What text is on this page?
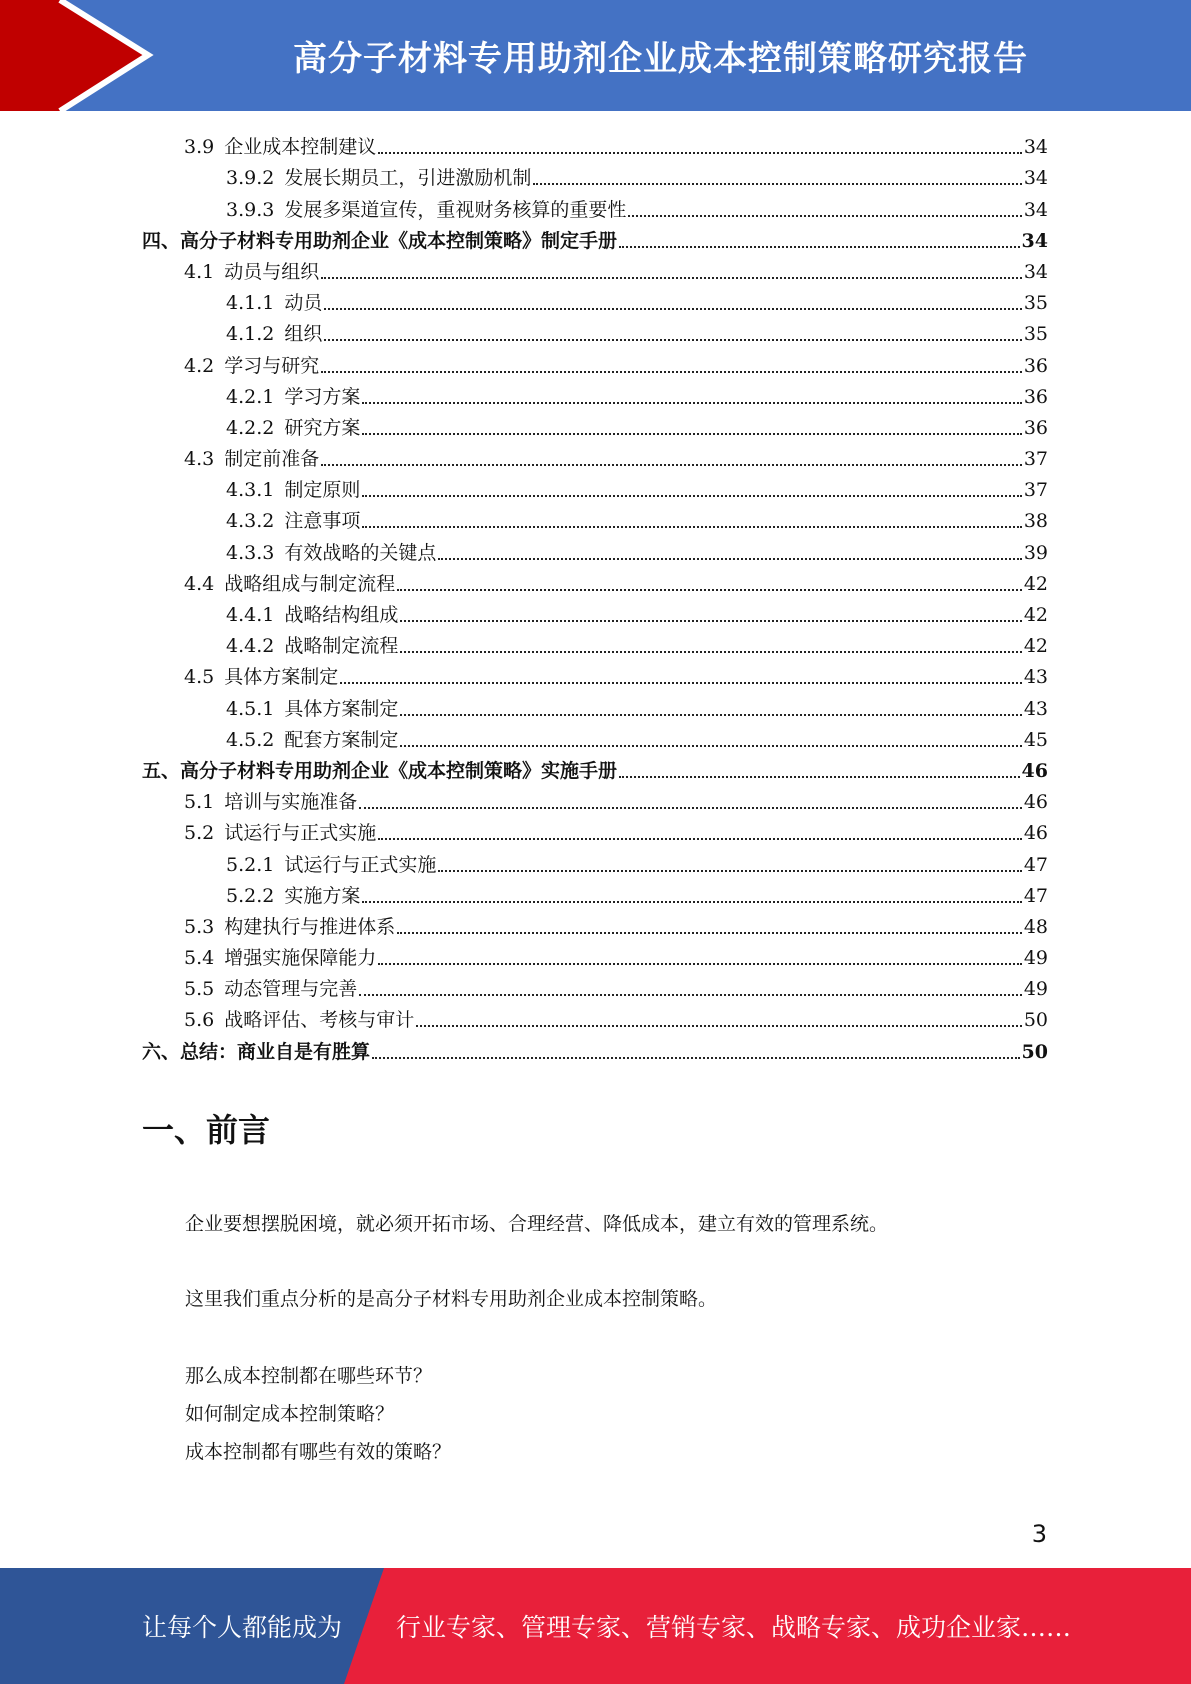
高分子材料专用助剂企业成本控制策略研究报告
3.9 企业成本控制建议	34
3.9.2 发展长期员工，引进激励机制	34
3.9.3 发展多渠道宣传，重视财务核算的重要性	34
四、高分子材料专用助剂企业《成本控制策略》制定手册	34
4.1 动员与组织	34
4.1.1 动员	35
4.1.2 组织	35
4.2 学习与研究	36
4.2.1 学习方案	36
4.2.2 研究方案	36
4.3 制定前准备	37
4.3.1 制定原则	37
4.3.2 注意事项	38
4.3.3 有效战略的关键点	39
4.4 战略组成与制定流程	42
4.4.1 战略结构组成	42
4.4.2 战略制定流程	42
4.5 具体方案制定	43
4.5.1 具体方案制定	43
4.5.2 配套方案制定	45
五、高分子材料专用助剂企业《成本控制策略》实施手册	46
5.1 培训与实施准备	46
5.2 试运行与正式实施	46
5.2.1 试运行与正式实施	47
5.2.2 实施方案	47
5.3 构建执行与推进体系	48
5.4 增强实施保障能力	49
5.5 动态管理与完善	49
5.6 战略评估、考核与审计	50
六、总结：商业自是有胜算	50
一、前言
企业要想摆脱困境，就必须开拓市场、合理经营、降低成本，建立有效的管理系统。
这里我们重点分析的是高分子材料专用助剂企业成本控制策略。
那么成本控制都在哪些环节？
如何制定成本控制策略？
成本控制都有哪些有效的策略？
3
让每个人都能成为 行业专家、管理专家、营销专家、战略专家、成功企业家……
